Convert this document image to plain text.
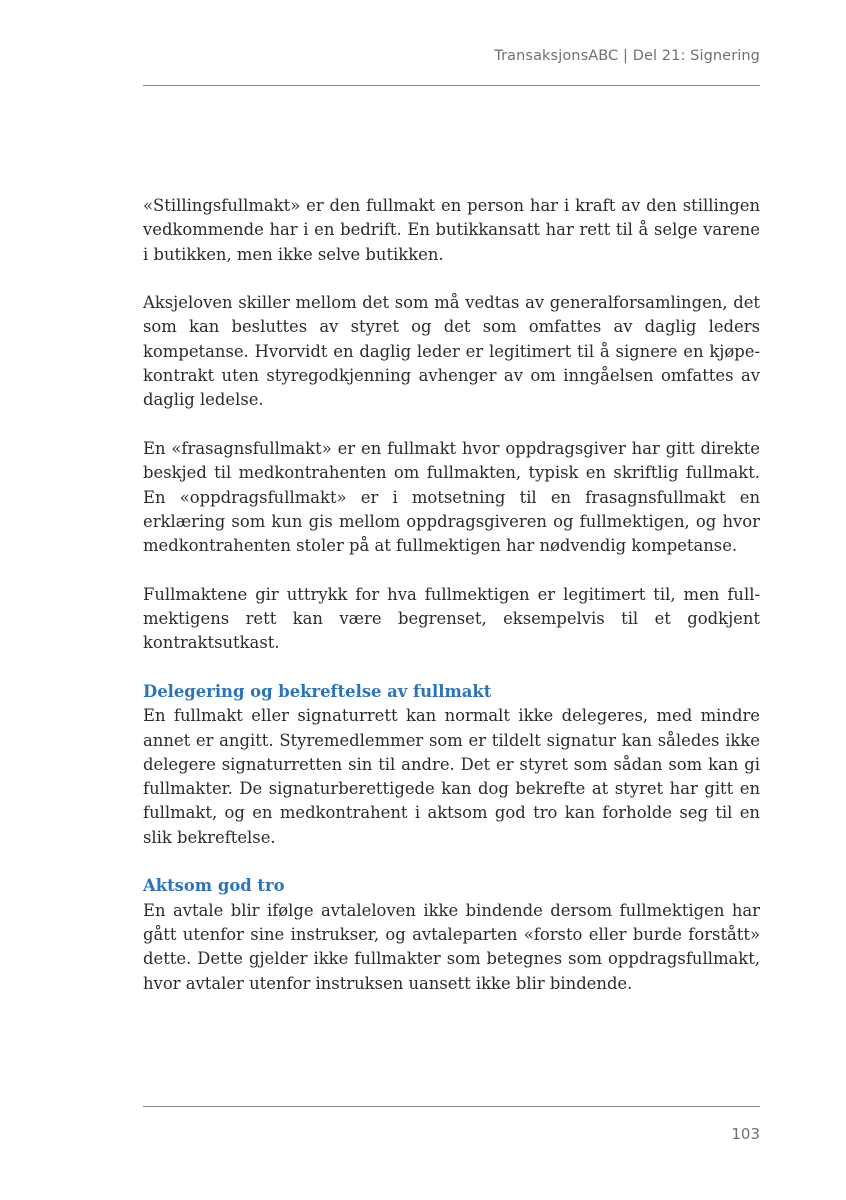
TransaksjonsABC | Del 21: Signering

«Stillingsfullmakt» er den fullmakt en person har i kraft av den stillingen vedkommende har i en bedrift. En butikkansatt har rett til å selge varene i butikken, men ikke selve butikken.

Aksjeloven skiller mellom det som må vedtas av generalforsamlingen, det som kan besluttes av styret og det som omfattes av daglig leders kompetanse. Hvorvidt en daglig leder er legitimert til å signere en kjøpekontrakt uten styregodkjenning avhenger av om inngåelsen omfattes av daglig ledelse.

En «frasagnsfullmakt» er en fullmakt hvor oppdragsgiver har gitt direkte beskjed til medkontrahenten om fullmakten, typisk en skriftlig fullmakt. En «oppdragsfullmakt» er i motsetning til en frasagnsfullmakt en erklæring som kun gis mellom oppdragsgiveren og fullmektigen, og hvor medkontrahenten stoler på at fullmektigen har nødvendig kompetanse.

Fullmaktene gir uttrykk for hva fullmektigen er legitimert til, men fullmektigens rett kan være begrenset, eksempelvis til et godkjent kontraktsutkast.

Delegering og bekreftelse av fullmakt

En fullmakt eller signaturrett kan normalt ikke delegeres, med mindre annet er angitt. Styremedlemmer som er tildelt signatur kan således ikke delegere signaturretten sin til andre. Det er styret som sådan som kan gi fullmakter. De signaturberettigede kan dog bekrefte at styret har gitt en fullmakt, og en medkontrahent i aktsom god tro kan forholde seg til en slik bekreftelse.

Aktsom god tro

En avtale blir ifølge avtaleloven ikke bindende dersom fullmektigen har gått utenfor sine instrukser, og avtaleparten «forsto eller burde forstått» dette. Dette gjelder ikke fullmakter som betegnes som oppdragsfullmakt, hvor avtaler utenfor instruksen uansett ikke blir bindende.

103
